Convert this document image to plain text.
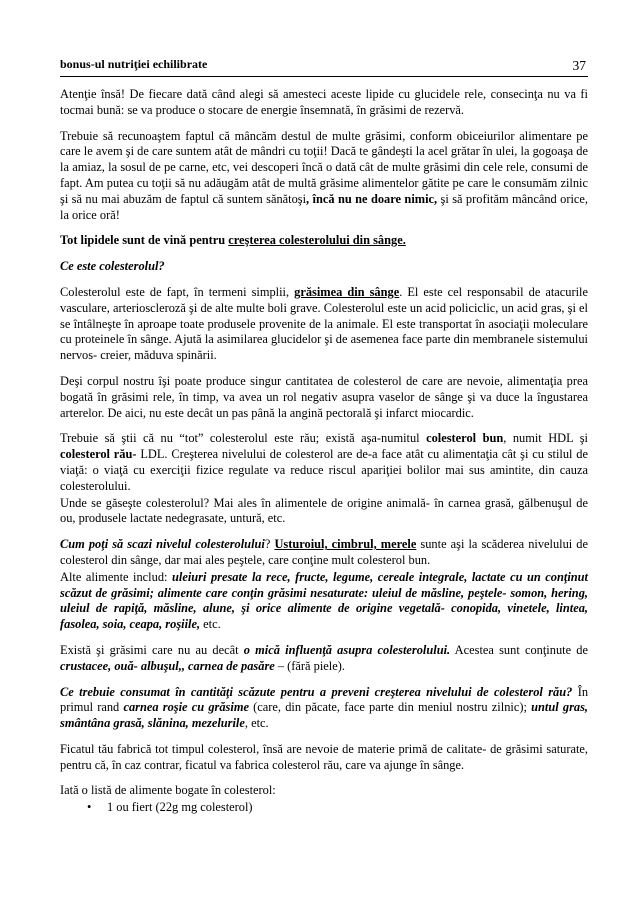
bonus-ul nutriţiei echilibrate	37

Atenţie însă! De fiecare dată când alegi să amesteci aceste lipide cu glucidele rele, consecinţa nu va fi tocmai bună: se va produce o stocare de energie însemnată, în grăsimi de rezervă.

Trebuie să recunoaştem faptul că mâncăm destul de multe grăsimi, conform obiceiurilor alimentare pe care le avem şi de care suntem atât de mândri cu toţii! Dacă te gândeşti la acel grătar în ulei, la gogoaşa de la amiaz, la sosul de pe carne, etc, vei descoperi încă o dată cât de multe grăsimi din cele rele, consumi de fapt. Am putea cu toţii să nu adăugăm atât de multă grăsime alimentelor gătite pe care le consumăm zilnic şi să nu mai abuzăm de faptul că suntem sănătoşi, încă nu ne doare nimic, şi să profităm mâncând orice, la orice oră!

Tot lipidele sunt de vină pentru creşterea colesterolului din sânge.

Ce este colesterolul?

Colesterolul este de fapt, în termeni simplii, grăsimea din sânge. El este cel responsabil de atacurile vasculare, arterioscleroză şi de alte multe boli grave. Colesterolul este un acid policiclic, un acid gras, şi el se întâlneşte în aproape toate produsele provenite de la animale. El este transportat în asociaţii moleculare cu proteinele în sânge. Ajută la asimilarea glucidelor şi de asemenea face parte din membranele sistemului nervos- creier, măduva spinării.

Deşi corpul nostru îşi poate produce singur cantitatea de colesterol de care are nevoie, alimentaţia prea bogată în grăsimi rele, în timp, va avea un rol negativ asupra vaselor de sânge şi va duce la îngustarea arterelor. De aici, nu este decât un pas până la angină pectorală şi infarct miocardic.

Trebuie să ştii că nu “tot” colesterolul este rău; există aşa-numitul colesterol bun, numit HDL şi colesterol rău- LDL. Creşterea nivelului de colesterol are de-a face atât cu alimentaţia cât şi cu stilul de viaţă: o viaţă cu exerciţii fizice regulate va reduce riscul apariţiei bolilor mai sus amintite, din cauza colesterolului.

Unde se găseşte colesterolul? Mai ales în alimentele de origine animală- în carnea grasă, gălbenuşul de ou, produsele lactate nedegrasate, untură, etc.

Cum poţi să scazi nivelul colesterolului? Usturoiul, cimbrul, merele sunte aşi la scăderea nivelului de colesterol din sânge, dar mai ales peştele, care conţine mult colesterol bun.

Alte alimente includ: uleiuri presate la rece, fructe, legume, cereale integrale, lactate cu un conţinut scăzut de grăsimi; alimente care conţin grăsimi nesaturate: uleiul de măsline, peştele- somon, hering, uleiul de rapiţă, măsline, alune, şi orice alimente de origine vegetală- conopida, vinetele, lintea, fasolea, soia, ceapa, roşiile, etc.

Există şi grăsimi care nu au decât o mică influenţă asupra colesterolului. Acestea sunt conţinute de crustacee, ouă- albuşul,, carnea de pasăre – (fără piele).

Ce trebuie consumat în cantităţi scăzute pentru a preveni creşterea nivelului de colesterol rău? În primul rand carnea roşie cu grăsime (care, din păcate, face parte din meniul nostru zilnic); untul gras, smântâna grasă, slănina, mezelurile, etc.

Ficatul tău fabrică tot timpul colesterol, însă are nevoie de materie primă de calitate- de grăsimi saturate, pentru că, în caz contrar, ficatul va fabrica colesterol rău, care va ajunge în sânge.

Iată o listă de alimente bogate în colesterol:

• 1 ou fiert (22g mg colesterol)
